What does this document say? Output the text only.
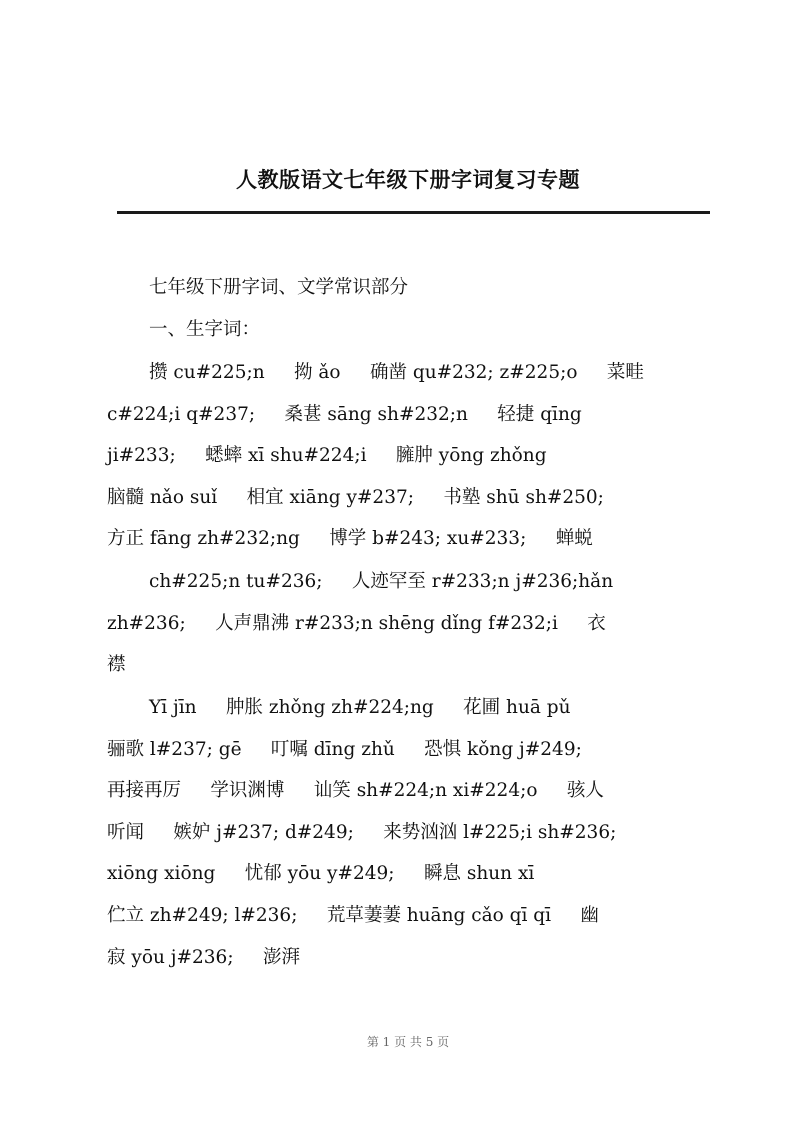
人教版语文七年级下册字词复习专题

七年级下册字词、文学常识部分

一、生字词：

攒 cu#225;n     拗 ǎo     确凿 qu#232; z#225;o     菜畦

c#224;i q#237;     桑葚 sāng sh#232;n     轻捷 qīng

ji#233;     蟋蟀 xī shu#224;i     臃肿 yōng zhǒng

脑髓 nǎo suǐ     相宜 xiāng y#237;     书塾 shū sh#250;

方正 fāng zh#232;ng     博学 b#243; xu#233;     蝉蜕

ch#225;n tu#236;     人迹罕至 r#233;n j#236;hǎn

zh#236;     人声鼎沸 r#233;n shēng dǐng f#232;i     衣

襟

Yī jīn     肿胀 zhǒng zh#224;ng     花圃 huā pǔ

骊歌 l#237; gē     叮嘱 dīng zhǔ     恐惧 kǒng j#249;

再接再厉     学识渊博     讪笑 sh#224;n xi#224;o     骇人

听闻     嫉妒 j#237; d#249;     来势汹汹 l#225;i sh#236;

xiōng xiōng     忧郁 yōu y#249;     瞬息 shun xī

伫立 zh#249; l#236;     荒草萋萋 huāng cǎo qī qī     幽

寂 yōu j#236;     澎湃

第 1 页 共 5 页
